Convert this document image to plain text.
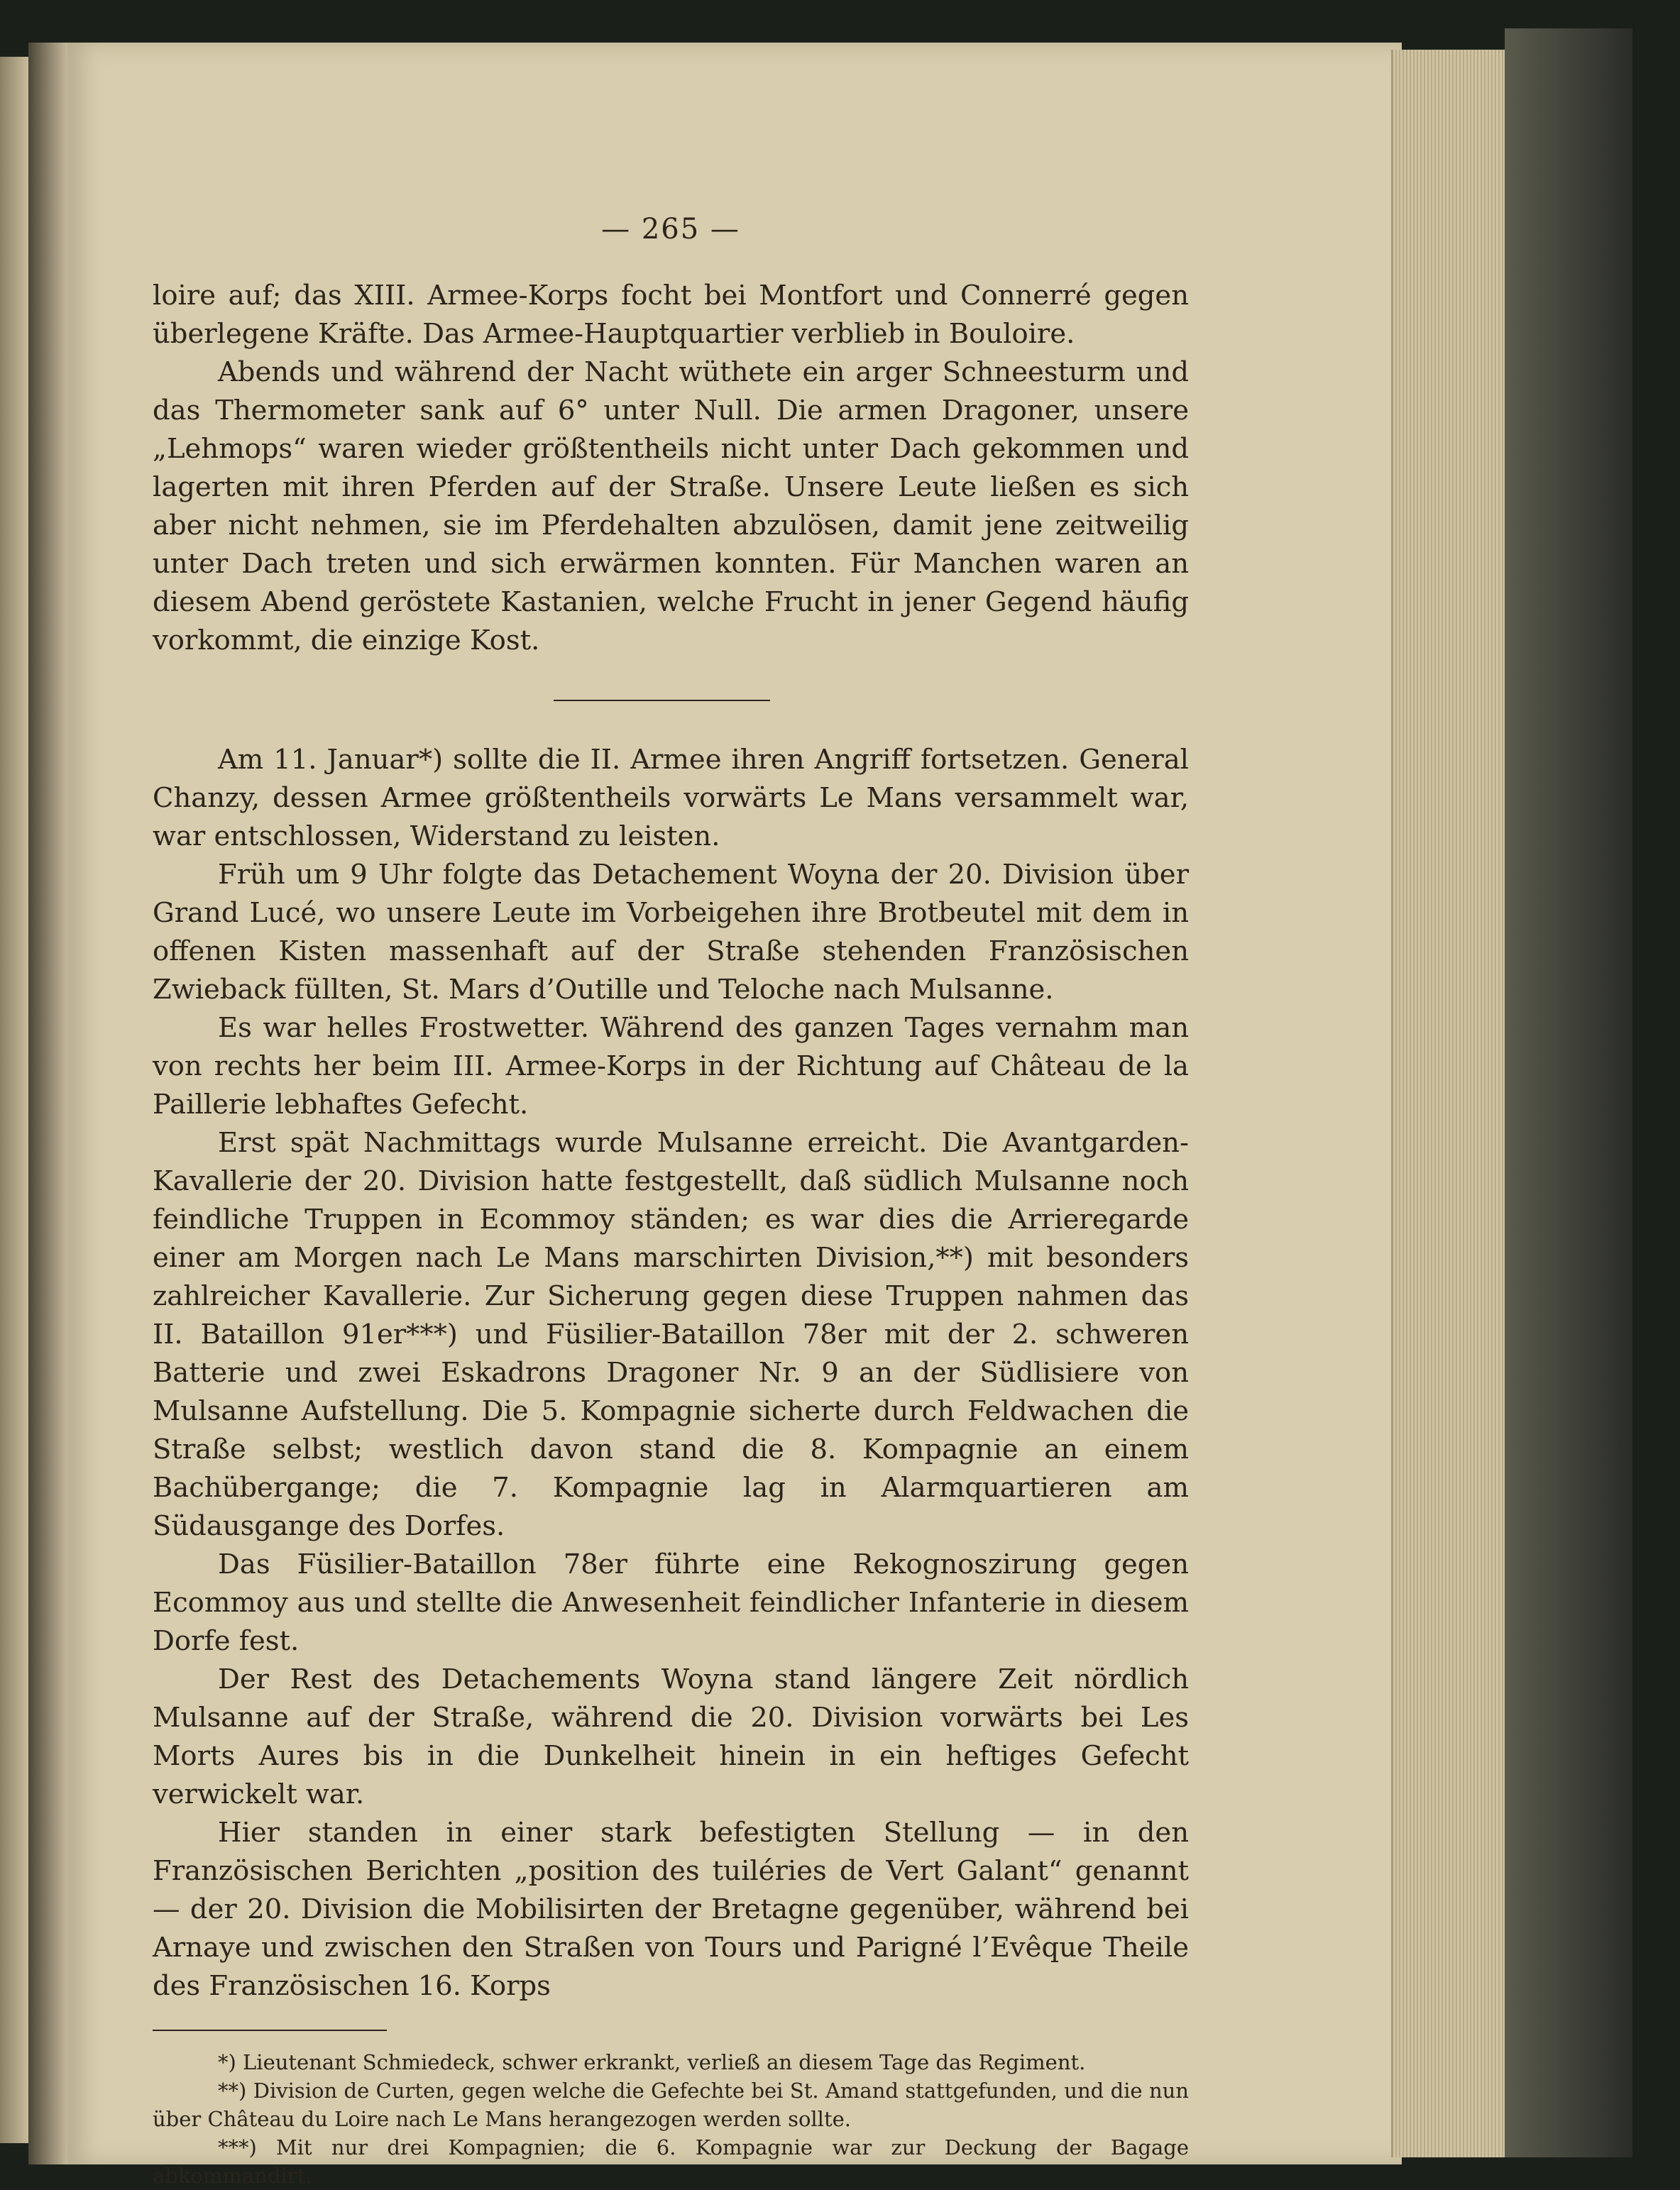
— 265 —

loire auf; das XIII. Armee-Korps focht bei Montfort und Connerré gegen überlegene Kräfte. Das Armee-Hauptquartier verblieb in Bouloire.

Abends und während der Nacht wüthete ein arger Schneesturm und das Thermometer sank auf 6° unter Null. Die armen Dragoner, unsere „Lehmops“ waren wieder größtentheils nicht unter Dach gekommen und lagerten mit ihren Pferden auf der Straße. Unsere Leute ließen es sich aber nicht nehmen, sie im Pferdehalten abzulösen, damit jene zeitweilig unter Dach treten und sich erwärmen konnten. Für Manchen waren an diesem Abend geröstete Kastanien, welche Frucht in jener Gegend häufig vorkommt, die einzige Kost.

Am 11. Januar*) sollte die II. Armee ihren Angriff fortsetzen. General Chanzy, dessen Armee größtentheils vorwärts Le Mans versammelt war, war entschlossen, Widerstand zu leisten.

Früh um 9 Uhr folgte das Detachement Woyna der 20. Division über Grand Lucé, wo unsere Leute im Vorbeigehen ihre Brotbeutel mit dem in offenen Kisten massenhaft auf der Straße stehenden Französischen Zwieback füllten, St. Mars d’Outille und Teloche nach Mulsanne.

Es war helles Frostwetter. Während des ganzen Tages vernahm man von rechts her beim III. Armee-Korps in der Richtung auf Château de la Paillerie lebhaftes Gefecht.

Erst spät Nachmittags wurde Mulsanne erreicht. Die Avantgarden-Kavallerie der 20. Division hatte festgestellt, daß südlich Mulsanne noch feindliche Truppen in Ecommoy ständen; es war dies die Arrieregarde einer am Morgen nach Le Mans marschirten Division,**) mit besonders zahlreicher Kavallerie. Zur Sicherung gegen diese Truppen nahmen das II. Bataillon 91er***) und Füsilier-Bataillon 78er mit der 2. schweren Batterie und zwei Eskadrons Dragoner Nr. 9 an der Südlisiere von Mulsanne Aufstellung. Die 5. Kompagnie sicherte durch Feldwachen die Straße selbst; westlich davon stand die 8. Kompagnie an einem Bachübergange; die 7. Kompagnie lag in Alarmquartieren am Südausgange des Dorfes.

Das Füsilier-Bataillon 78er führte eine Rekognoszirung gegen Ecommoy aus und stellte die Anwesenheit feindlicher Infanterie in diesem Dorfe fest.

Der Rest des Detachements Woyna stand längere Zeit nördlich Mulsanne auf der Straße, während die 20. Division vorwärts bei Les Morts Aures bis in die Dunkelheit hinein in ein heftiges Gefecht verwickelt war.

Hier standen in einer stark befestigten Stellung — in den Französischen Berichten „position des tuiléries de Vert Galant“ genannt — der 20. Division die Mobilisirten der Bretagne gegenüber, während bei Arnaye und zwischen den Straßen von Tours und Parigné l’Evêque Theile des Französischen 16. Korps

*) Lieutenant Schmiedeck, schwer erkrankt, verließ an diesem Tage das Regiment.

**) Division de Curten, gegen welche die Gefechte bei St. Amand stattgefunden, und die nun über Château du Loire nach Le Mans herangezogen werden sollte.

***) Mit nur drei Kompagnien; die 6. Kompagnie war zur Deckung der Bagage abkommandirt.
